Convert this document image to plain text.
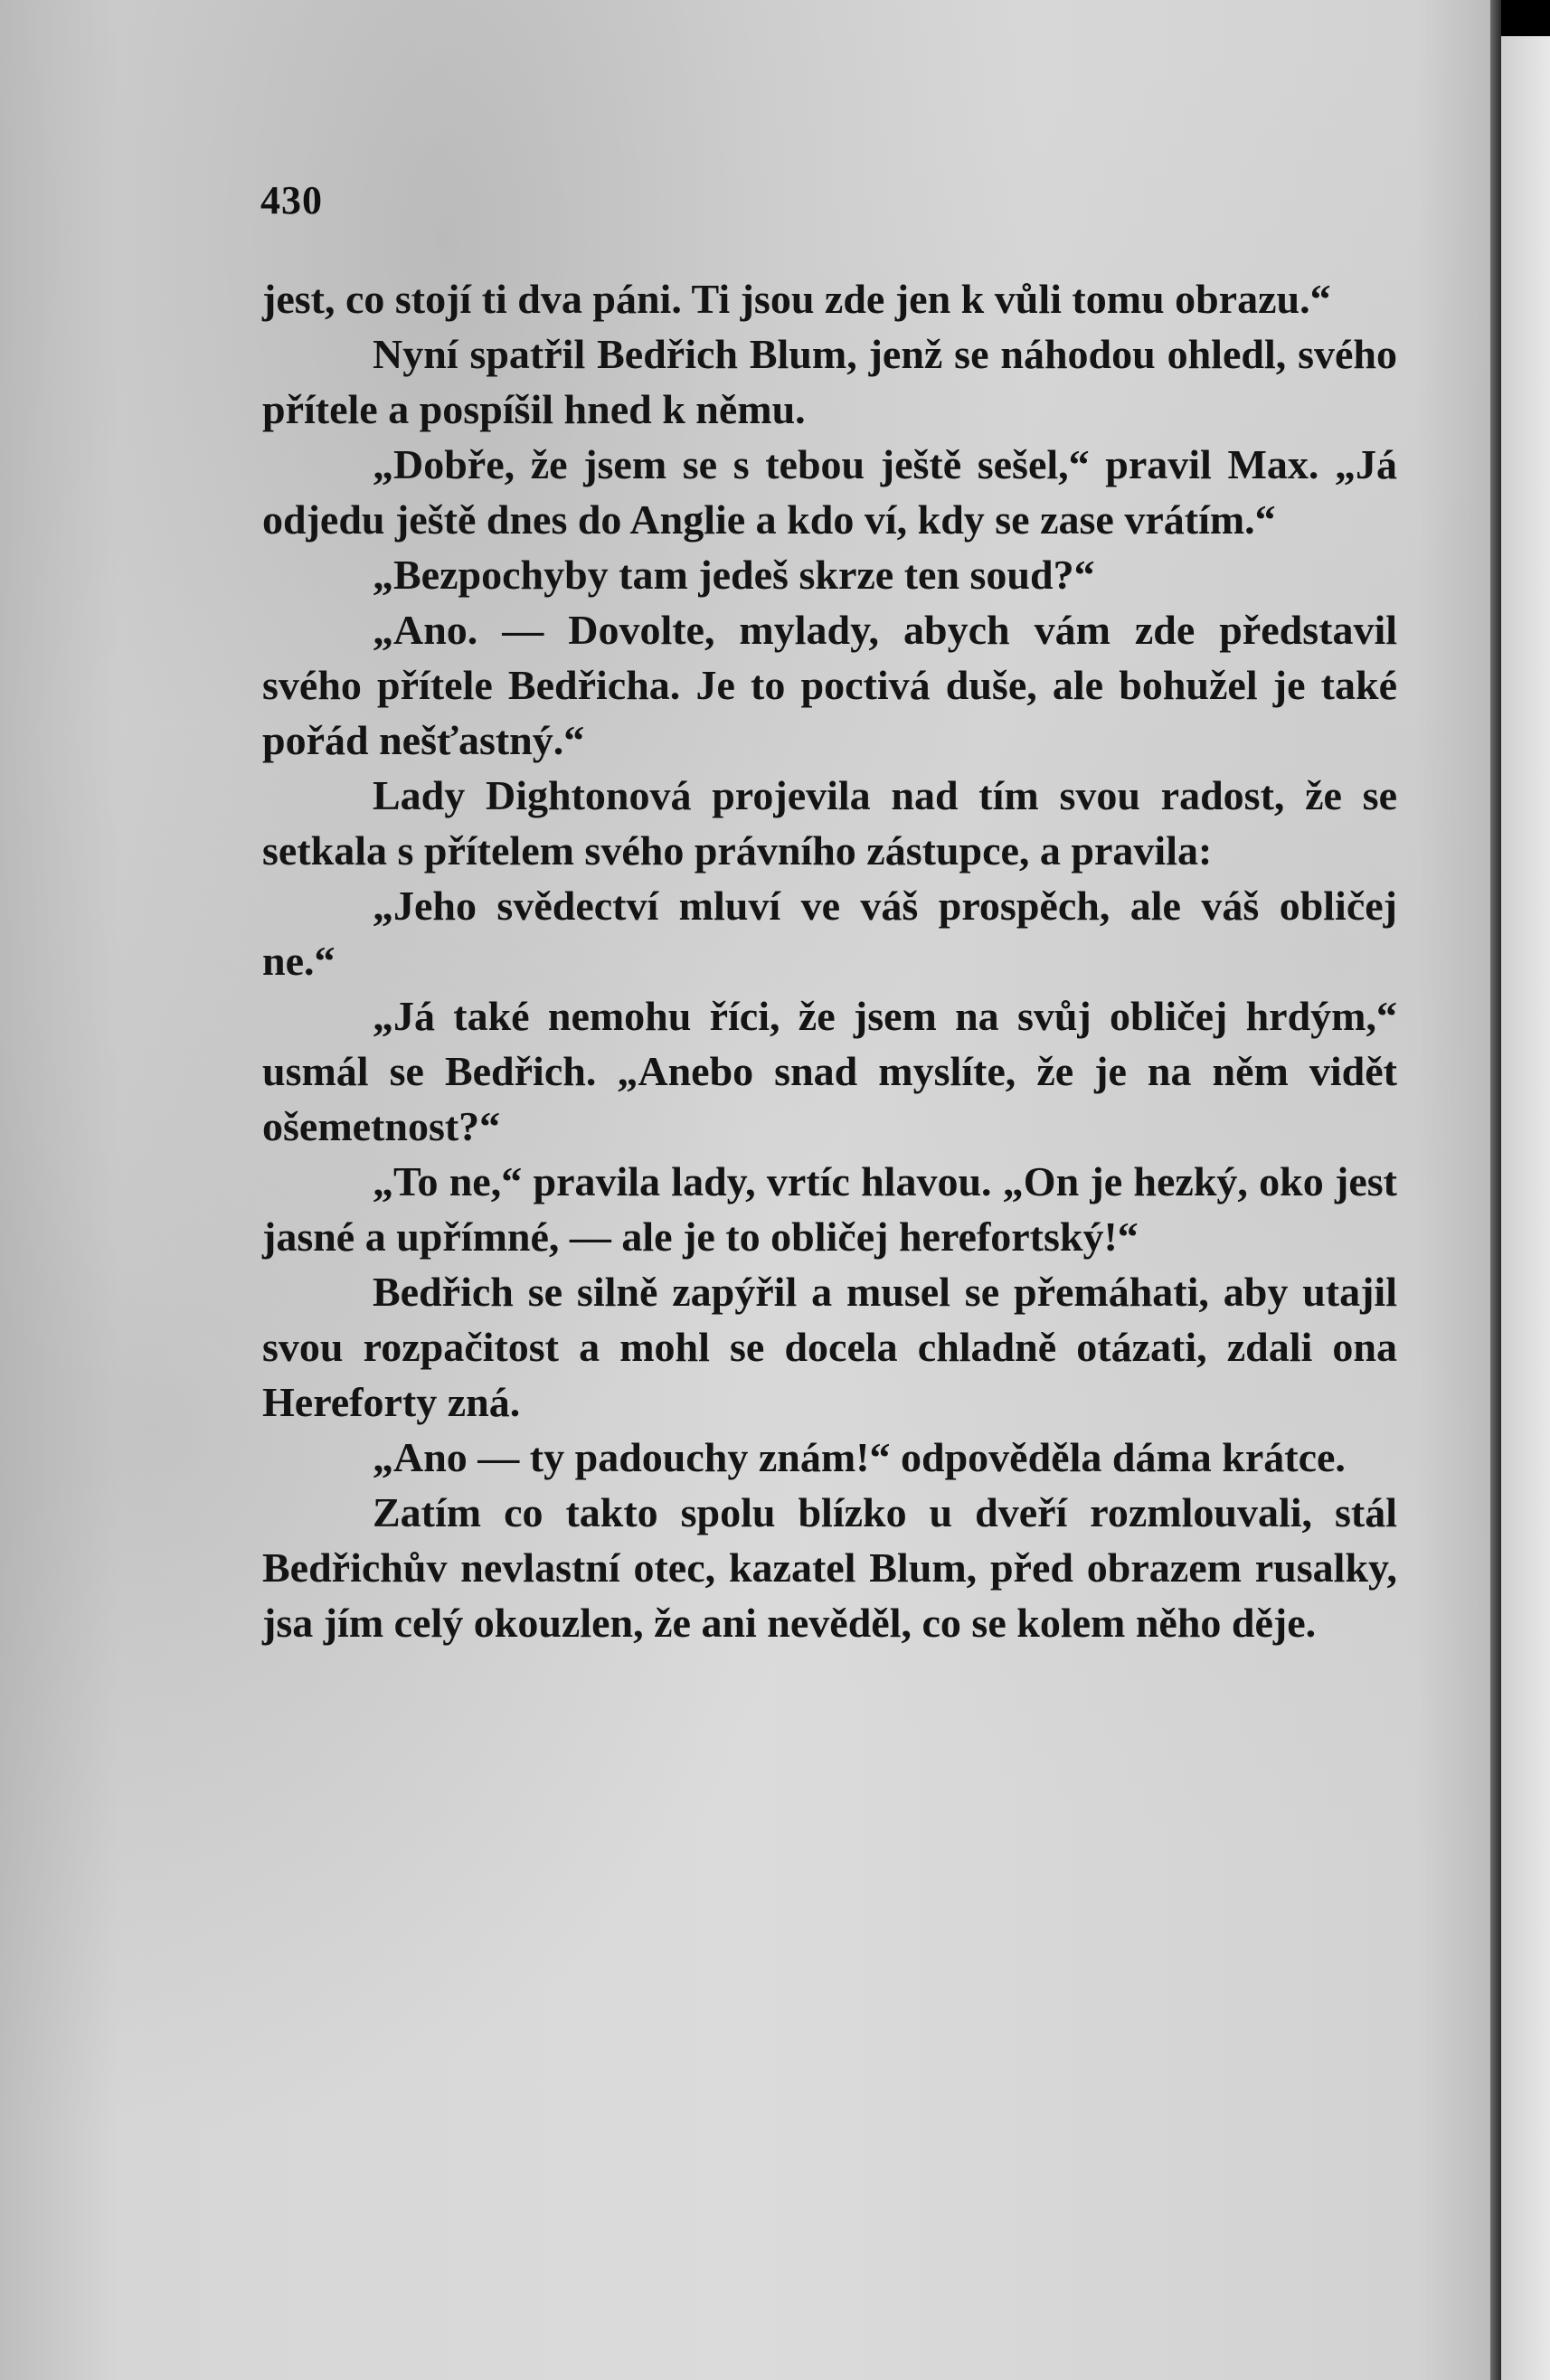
430

jest, co stojí ti dva páni. Ti jsou zde jen k vůli tomu obrazu.“

Nyní spatřil Bedřich Blum, jenž se náhodou ohledl, svého přítele a pospíšil hned k němu.

„Dobře, že jsem se s tebou ještě sešel,“ pravil Max. „Já odjedu ještě dnes do Anglie a kdo ví, kdy se zase vrátím.“

„Bezpochyby tam jedeš skrze ten soud?“

„Ano. — Dovolte, mylady, abych vám zde představil svého přítele Bedřicha. Je to poctivá duše, ale bohužel je také pořád nešťastný.“

Lady Dightonová projevila nad tím svou radost, že se setkala s přítelem svého právního zástupce, a pravila:

„Jeho svědectví mluví ve váš prospěch, ale váš obličej ne.“

„Já také nemohu říci, že jsem na svůj obličej hrdým,“ usmál se Bedřich. „Anebo snad myslíte, že je na něm vidět ošemetnost?“

„To ne,“ pravila lady, vrtíc hlavou. „On je hezký, oko jest jasné a upřímné, — ale je to obličej herefortský!“

Bedřich se silně zapýřil a musel se přemáhati, aby utajil svou rozpačitost a mohl se docela chladně otázati, zdali ona Hereforty zná.

„Ano — ty padouchy znám!“ odpověděla dáma krátce.

Zatím co takto spolu blízko u dveří rozmlouvali, stál Bedřichův nevlastní otec, kazatel Blum, před obrazem rusalky, jsa jím celý okouzlen, že ani nevěděl, co se kolem něho děje.
